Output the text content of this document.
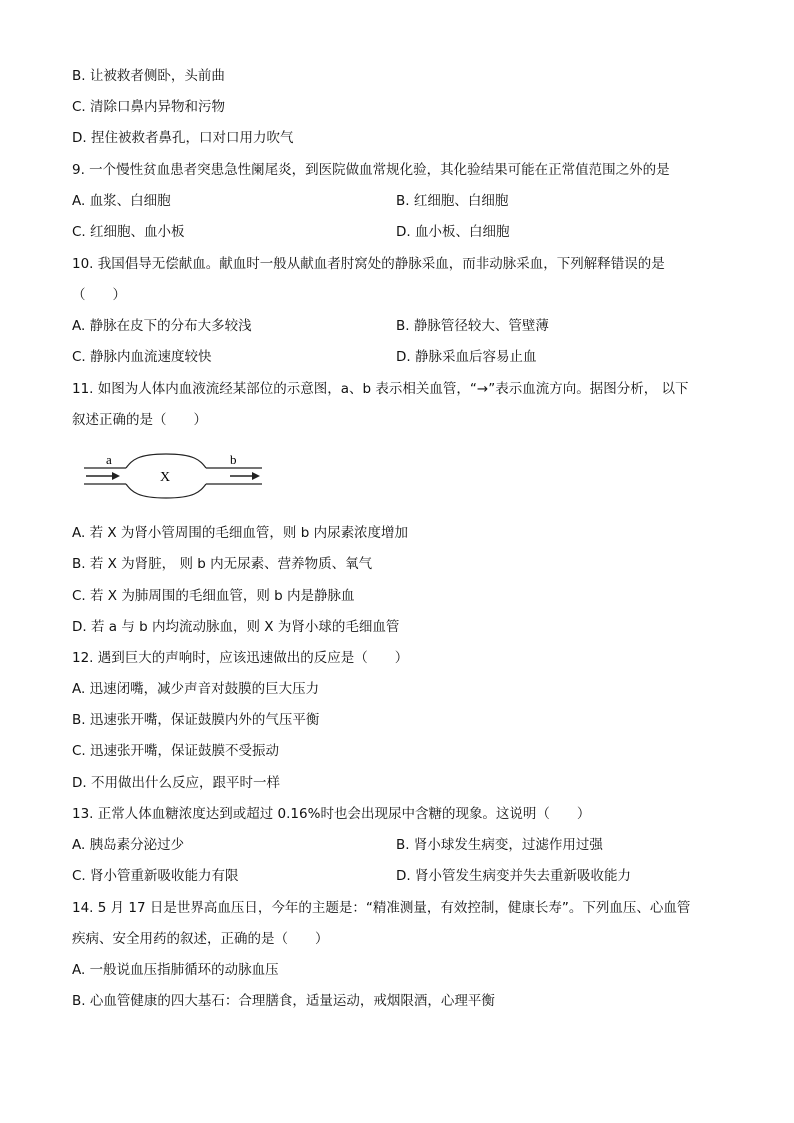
B. 让被救者侧卧，头前曲
C. 清除口鼻内异物和污物
D. 捏住被救者鼻孔，口对口用力吹气
9. 一个慢性贫血患者突患急性阑尾炎，到医院做血常规化验，其化验结果可能在正常值范围之外的是
A. 血浆、白细胞	B. 红细胞、白细胞
C. 红细胞、血小板	D. 血小板、白细胞
10. 我国倡导无偿献血。献血时一般从献血者肘窝处的静脉采血，而非动脉采血，下列解释错误的是
（　　）
A. 静脉在皮下的分布大多较浅	B. 静脉管径较大、管壁薄
C. 静脉内血流速度较快	D. 静脉采血后容易止血
11. 如图为人体内血液流经某部位的示意图，a、b 表示相关血管，“→”表示血流方向。据图分析， 以下
叙述正确的是（　　）
a	b
X
A. 若 X 为肾小管周围的毛细血管，则 b 内尿素浓度增加
B. 若 X 为肾脏， 则 b 内无尿素、营养物质、氧气
C. 若 X 为肺周围的毛细血管，则 b 内是静脉血
D. 若 a 与 b 内均流动脉血，则 X 为肾小球的毛细血管
12. 遇到巨大的声响时，应该迅速做出的反应是（　　）
A. 迅速闭嘴，减少声音对鼓膜的巨大压力
B. 迅速张开嘴，保证鼓膜内外的气压平衡
C. 迅速张开嘴，保证鼓膜不受振动
D. 不用做出什么反应，跟平时一样
13. 正常人体血糖浓度达到或超过 0.16%时也会出现尿中含糖的现象。这说明（　　）
A. 胰岛素分泌过少	B. 肾小球发生病变，过滤作用过强
C. 肾小管重新吸收能力有限	D. 肾小管发生病变并失去重新吸收能力
14. 5 月 17 日是世界高血压日，今年的主题是：“精准测量，有效控制，健康长寿”。下列血压、心血管
疾病、安全用药的叙述，正确的是（　　）
A. 一般说血压指肺循环的动脉血压
B. 心血管健康的四大基石：合理膳食，适量运动，戒烟限酒，心理平衡
